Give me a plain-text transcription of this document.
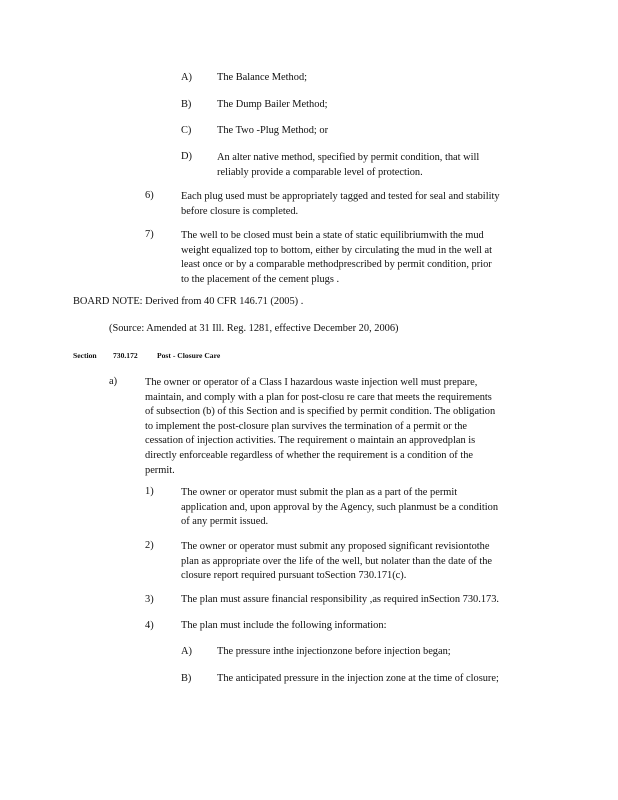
A) The Balance Method;
B) The Dump Bailer Method;
C) The Two -Plug Method; or
D) An alter native method, specified by permit condition, that will
reliably provide a comparable level of protection.
6)	Each plug used must be appropriately tagged and tested for seal and stability
before closure is completed.
7)	The well to be closed must bein a state of static equilibriumwith the mud
weight equalized top to bottom, either by circulating the mud in the well at
least once or by a comparable methodprescribed by permit condition, prior
to the placement of the cement plugs .
BOARD NOTE: Derived from 40 CFR 146.71 (2005) .
(Source: Amended at 31 Ill. Reg. 1281, effective December 20, 2006)
Section 730.172	Post - Closure Care
a)	The owner or operator of a Class I hazardous waste injection well must prepare,
maintain, and comply with a plan for post-closu re care that meets the requirements
of subsection (b) of this Section and is specified by permit condition. The obligation
to implement the post-closure plan survives the termination of a permit or the
cessation of injection activities. The requirement o maintain an approvedplan is
directly enforceable regardless of whether the requirement is a condition of the
permit.
1)	The owner or operator must submit the plan as a part of the permit
application and, upon approval by the Agency, such planmust be a condition
of any permit issued.
2)	The owner or operator must submit any proposed significant revisiontothe
plan as appropriate over the life of the well, but nolater than the date of the
closure report required pursuant toSection 730.171(c).
3)	The plan must assure financial responsibility ,as required inSection 730.173.
4)	The plan must include the following information:
A) The pressure inthe injectionzone before injection began;
B) The anticipated pressure in the injection zone at the time of closure;
